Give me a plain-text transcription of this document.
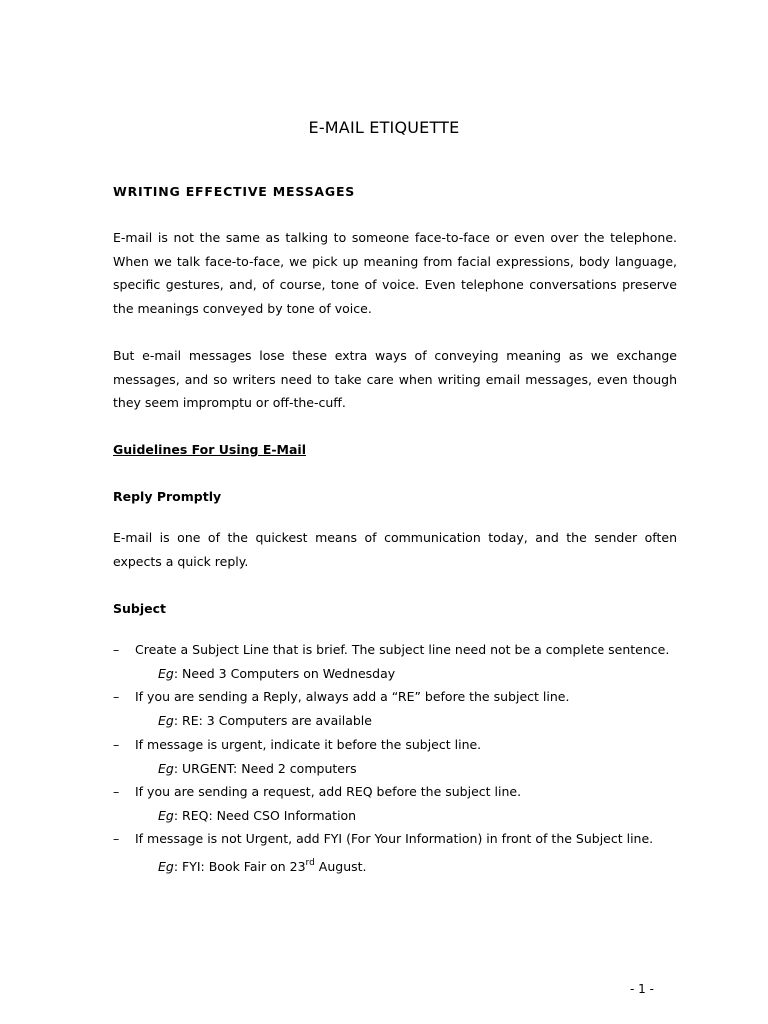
E-MAIL ETIQUETTE
WRITING EFFECTIVE MESSAGES
E-mail is not the same as talking to someone face-to-face or even over the telephone. When we talk face-to-face, we pick up meaning from facial expressions, body language, specific gestures, and, of course, tone of voice. Even telephone conversations preserve the meanings conveyed by tone of voice.
But e-mail messages lose these extra ways of conveying meaning as we exchange messages, and so writers need to take care when writing email messages, even though they seem impromptu or off-the-cuff.
Guidelines For Using E-Mail
Reply Promptly
E-mail is one of the quickest means of communication today, and the sender often expects a quick reply.
Subject
– Create a Subject Line that is brief. The subject line need not be a complete sentence.
Eg: Need 3 Computers on Wednesday
– If you are sending a Reply, always add a “RE” before the subject line.
Eg: RE: 3 Computers are available
– If message is urgent, indicate it before the subject line.
Eg: URGENT: Need 2 computers
– If you are sending a request, add REQ before the subject line.
Eg: REQ: Need CSO Information
– If message is not Urgent, add FYI (For Your Information) in front of the Subject line.
Eg: FYI: Book Fair on 23rd August.
- 1 -
